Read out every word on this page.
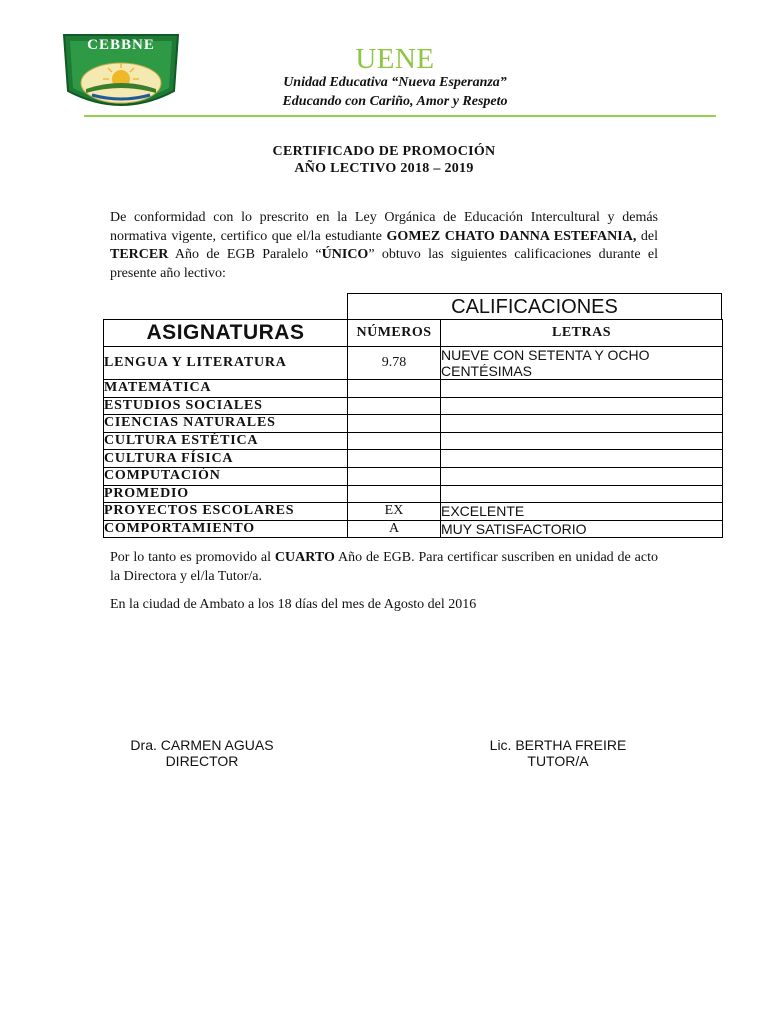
CEBBNE	UENE
Unidad Educativa “Nueva Esperanza”
Educando con Cariño, Amor y Respeto
CERTIFICADO DE PROMOCIÓN
AÑO LECTIVO 2018 – 2019
De conformidad con lo prescrito en la Ley Orgánica de Educación Intercultural y demás normativa vigente, certifico que el/la estudiante GOMEZ CHATO DANNA ESTEFANIA, del TERCER Año de EGB Paralelo “ÚNICO” obtuvo las siguientes calificaciones durante el presente año lectivo:
CALIFICACIONES
ASIGNATURAS	NÚMEROS	LETRAS
LENGUA Y LITERATURA	9.78	NUEVE CON SETENTA Y OCHO CENTÉSIMAS
MATEMÁTICA		
ESTUDIOS SOCIALES		
CIENCIAS NATURALES		
CULTURA ESTÉTICA		
CULTURA FÍSICA		
COMPUTACIÓN		
PROMEDIO		
PROYECTOS ESCOLARES	EX	EXCELENTE
COMPORTAMIENTO	A	MUY SATISFACTORIO
Por lo tanto es promovido al CUARTO Año de EGB. Para certificar suscriben en unidad de acto la Directora y el/la Tutor/a.
En la ciudad de Ambato a los 18 días del mes de Agosto del 2016
Dra. CARMEN AGUAS
DIRECTOR
Lic. BERTHA FREIRE
TUTOR/A
